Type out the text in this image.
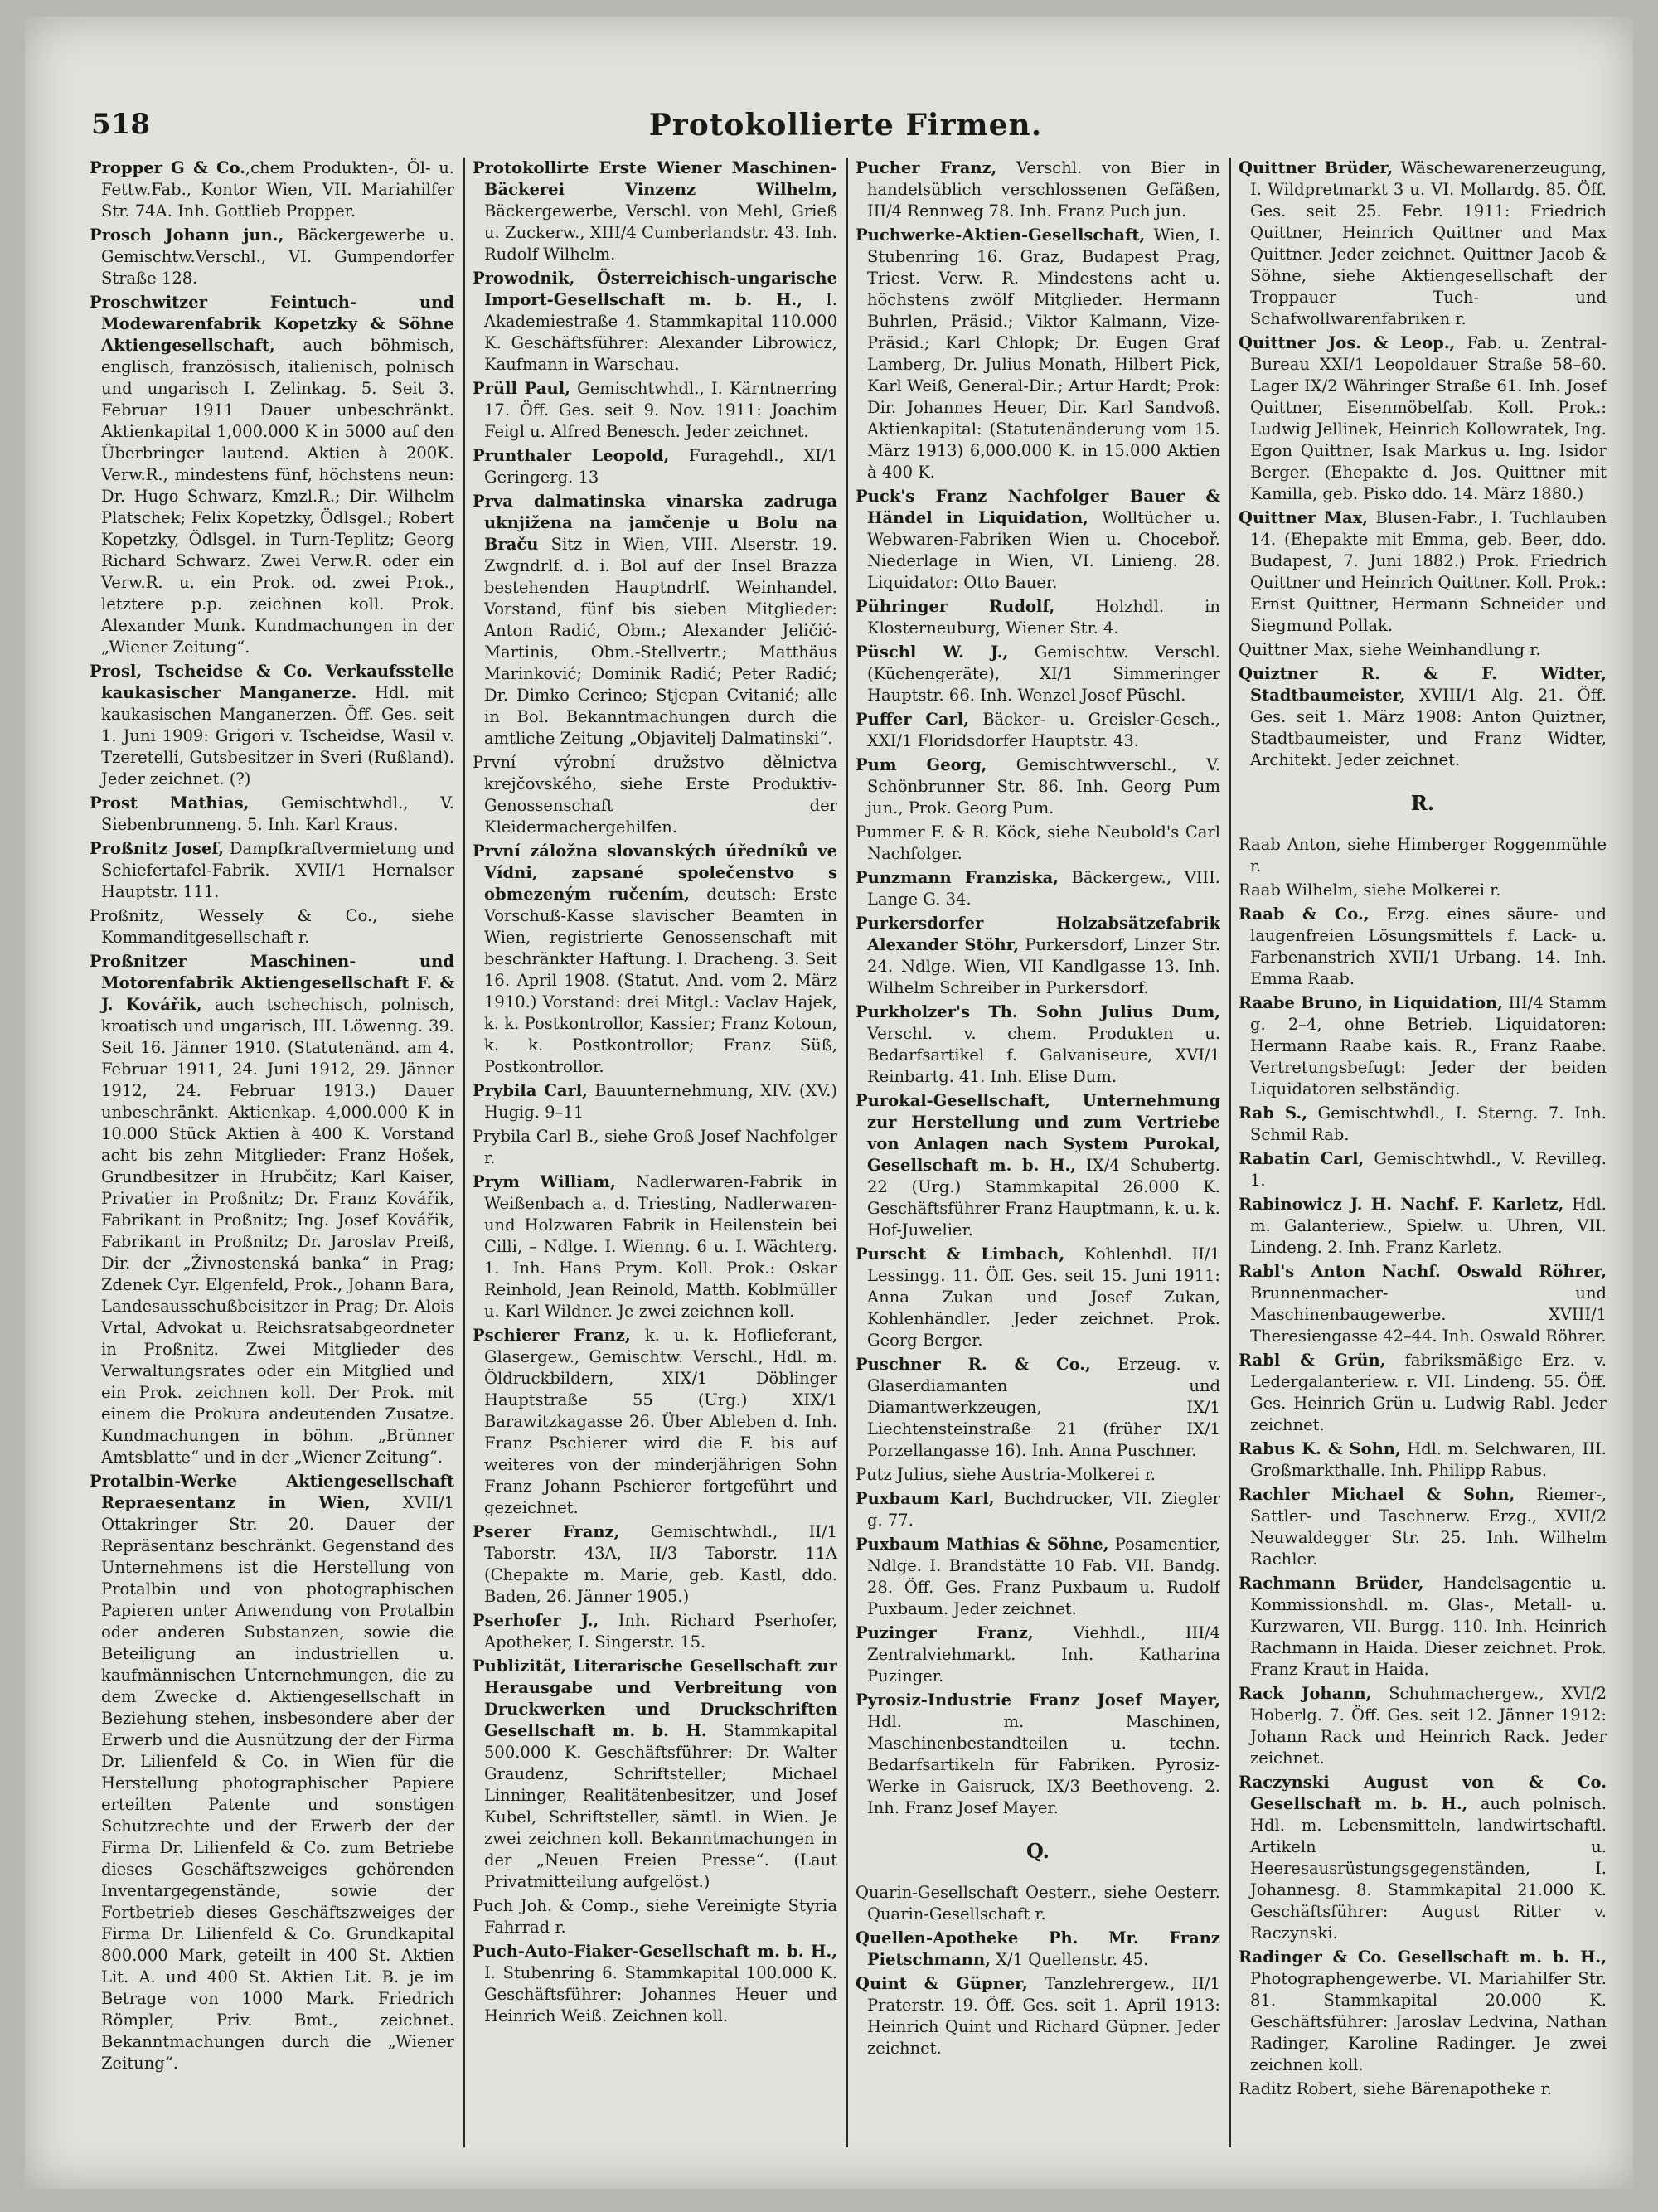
518	Protokollierte Firmen.
Propper G & Co.,chem Produkten-, Öl- u. Fettw.Fab., Kontor Wien, VII. Mariahilfer Str. 74A. Inh. Gottlieb Propper.
Prosch Johann jun., Bäckergewerbe u. Gemischtw.Verschl., VI. Gumpendorfer Straße 128.
Proschwitzer Feintuch- und Modewarenfabrik Kopetzky & Söhne Aktiengesellschaft, auch böhmisch, englisch, französisch, italienisch, polnisch und ungarisch I. Zelinkag. 5. Seit 3. Februar 1911 Dauer unbeschränkt. Aktienkapital 1,000.000 K in 5000 auf den Überbringer lautend. Aktien à 200K. Verw.R., mindestens fünf, höchstens neun: Dr. Hugo Schwarz, Kmzl.R.; Dir. Wilhelm Platschek; Felix Kopetzky, Ödlsgel.; Robert Kopetzky, Ödlsgel. in Turn-Teplitz; Georg Richard Schwarz. Zwei Verw.R. oder ein Verw.R. u. ein Prok. od. zwei Prok., letztere p.p. zeichnen koll. Prok. Alexander Munk. Kundmachungen in der „Wiener Zeitung“.
Prosl, Tscheidse & Co. Verkaufsstelle kaukasischer Manganerze. Hdl. mit kaukasischen Manganerzen. Öff. Ges. seit 1. Juni 1909: Grigori v. Tscheidse, Wasil v. Tzeretelli, Gutsbesitzer in Sveri (Rußland). Jeder zeichnet. (?)
Prost Mathias, Gemischtwhdl., V. Siebenbrunneng. 5. Inh. Karl Kraus.
Proßnitz Josef, Dampfkraftvermietung und Schiefertafel-Fabrik. XVII/1 Hernalser Hauptstr. 111.
Proßnitz, Wessely & Co., siehe Kommanditgesellschaft r.
Proßnitzer Maschinen- und Motorenfabrik Aktiengesellschaft F. & J. Kovářik, auch tschechisch, polnisch, kroatisch und ungarisch, III. Löwenng. 39. Seit 16. Jänner 1910. (Statutenänd. am 4. Februar 1911, 24. Juni 1912, 29. Jänner 1912, 24. Februar 1913.) Dauer unbeschränkt. Aktienkap. 4,000.000 K in 10.000 Stück Aktien à 400 K. Vorstand acht bis zehn Mitglieder: Franz Hošek, Grundbesitzer in Hrubčitz; Karl Kaiser, Privatier in Proßnitz; Dr. Franz Kovářik, Fabrikant in Proßnitz; Ing. Josef Kovářik, Fabrikant in Proßnitz; Dr. Jaroslav Preiß, Dir. der „Živnostenská banka“ in Prag; Zdenek Cyr. Elgenfeld, Prok., Johann Bara, Landesausschußbeisitzer in Prag; Dr. Alois Vrtal, Advokat u. Reichsratsabgeordneter in Proßnitz. Zwei Mitglieder des Verwaltungsrates oder ein Mitglied und ein Prok. zeichnen koll. Der Prok. mit einem die Prokura andeutenden Zusatze. Kundmachungen in böhm. „Brünner Amtsblatte“ und in der „Wiener Zeitung“.
Protalbin-Werke Aktiengesellschaft Repraesentanz in Wien, XVII/1 Ottakringer Str. 20. Dauer der Repräsentanz beschränkt. Gegenstand des Unternehmens ist die Herstellung von Protalbin und von photographischen Papieren unter Anwendung von Protalbin oder anderen Substanzen, sowie die Beteiligung an industriellen u. kaufmännischen Unternehmungen, die zu dem Zwecke d. Aktiengesellschaft in Beziehung stehen, insbesondere aber der Erwerb und die Ausnützung der der Firma Dr. Lilienfeld & Co. in Wien für die Herstellung photographischer Papiere erteilten Patente und sonstigen Schutzrechte und der Erwerb der der Firma Dr. Lilienfeld & Co. zum Betriebe dieses Geschäftszweiges gehörenden Inventargegenstände, sowie der Fortbetrieb dieses Geschäftszweiges der Firma Dr. Lilienfeld & Co. Grundkapital 800.000 Mark, geteilt in 400 St. Aktien Lit. A. und 400 St. Aktien Lit. B. je im Betrage von 1000 Mark. Friedrich Römpler, Priv. Bmt., zeichnet. Bekanntmachungen durch die „Wiener Zeitung“.
Protokollirte Erste Wiener Maschinen-Bäckerei Vinzenz Wilhelm, Bäckergewerbe, Verschl. von Mehl, Grieß u. Zuckerw., XIII/4 Cumberlandstr. 43. Inh. Rudolf Wilhelm.
Prowodnik, Österreichisch-ungarische Import-Gesellschaft m. b. H., I. Akademiestraße 4. Stammkapital 110.000 K. Geschäftsführer: Alexander Librowicz, Kaufmann in Warschau.
Prüll Paul, Gemischtwhdl., I. Kärntnerring 17. Öff. Ges. seit 9. Nov. 1911: Joachim Feigl u. Alfred Benesch. Jeder zeichnet.
Prunthaler Leopold, Furagehdl., XI/1 Geringerg. 13
Prva dalmatinska vinarska zadruga uknjižena na jamčenje u Bolu na Braču Sitz in Wien, VIII. Alserstr. 19. Zwgndrlf. d. i. Bol auf der Insel Brazza bestehenden Hauptndrlf. Weinhandel. Vorstand, fünf bis sieben Mitglieder: Anton Radić, Obm.; Alexander Jeličić-Martinis, Obm.-Stellvertr.; Matthäus Marinković; Dominik Radić; Peter Radić; Dr. Dimko Cerineo; Stjepan Cvitanić; alle in Bol. Bekanntmachungen durch die amtliche Zeitung „Objavitelj Dalmatinski“.
První výrobní družstvo dělnictva krejčovského, siehe Erste Produktiv-Genossenschaft der Kleidermachergehilfen.
První záložna slovanských úředníků ve Vídni, zapsané společenstvo s obmezeným ručením, deutsch: Erste Vorschuß-Kasse slavischer Beamten in Wien, registrierte Genossenschaft mit beschränkter Haftung. I. Dracheng. 3. Seit 16. April 1908. (Statut. And. vom 2. März 1910.) Vorstand: drei Mitgl.: Vaclav Hajek, k. k. Postkontrollor, Kassier; Franz Kotoun, k. k. Postkontrollor; Franz Süß, Postkontrollor.
Prybila Carl, Bauunternehmung, XIV. (XV.) Hugig. 9–11
Prybila Carl B., siehe Groß Josef Nachfolger r.
Prym William, Nadlerwaren-Fabrik in Weißenbach a. d. Triesting, Nadlerwaren- und Holzwaren Fabrik in Heilenstein bei Cilli, – Ndlge. I. Wienng. 6 u. I. Wächterg. 1. Inh. Hans Prym. Koll. Prok.: Oskar Reinhold, Jean Reinold, Matth. Koblmüller u. Karl Wildner. Je zwei zeichnen koll.
Pschierer Franz, k. u. k. Hoflieferant, Glasergew., Gemischtw. Verschl., Hdl. m. Öldruckbildern, XIX/1 Döblinger Hauptstraße 55 (Urg.) XIX/1 Barawitzkagasse 26. Über Ableben d. Inh. Franz Pschierer wird die F. bis auf weiteres von der minderjährigen Sohn Franz Johann Pschierer fortgeführt und gezeichnet.
Pserer Franz, Gemischtwhdl., II/1 Taborstr. 43A, II/3 Taborstr. 11A (Chepakte m. Marie, geb. Kastl, ddo. Baden, 26. Jänner 1905.)
Pserhofer J., Inh. Richard Pserhofer, Apotheker, I. Singerstr. 15.
Publizität, Literarische Gesellschaft zur Herausgabe und Verbreitung von Druckwerken und Druckschriften Gesellschaft m. b. H. Stammkapital 500.000 K. Geschäftsführer: Dr. Walter Graudenz, Schriftsteller; Michael Linninger, Realitätenbesitzer, und Josef Kubel, Schriftsteller, sämtl. in Wien. Je zwei zeichnen koll. Bekanntmachungen in der „Neuen Freien Presse“. (Laut Privatmitteilung aufgelöst.)
Puch Joh. & Comp., siehe Vereinigte Styria Fahrrad r.
Puch-Auto-Fiaker-Gesellschaft m. b. H., I. Stubenring 6. Stammkapital 100.000 K. Geschäftsführer: Johannes Heuer und Heinrich Weiß. Zeichnen koll.
Pucher Franz, Verschl. von Bier in handelsüblich verschlossenen Gefäßen, III/4 Rennweg 78. Inh. Franz Puch jun.
Puchwerke-Aktien-Gesellschaft, Wien, I. Stubenring 16. Graz, Budapest Prag, Triest. Verw. R. Mindestens acht u. höchstens zwölf Mitglieder. Hermann Buhrlen, Präsid.; Viktor Kalmann, Vize-Präsid.; Karl Chlopk; Dr. Eugen Graf Lamberg, Dr. Julius Monath, Hilbert Pick, Karl Weiß, General-Dir.; Artur Hardt; Prok: Dir. Johannes Heuer, Dir. Karl Sandvoß. Aktienkapital: (Statutenänderung vom 15. März 1913) 6,000.000 K. in 15.000 Aktien à 400 K.
Puck's Franz Nachfolger Bauer & Händel in Liquidation, Wolltücher u. Webwaren-Fabriken Wien u. Choceboř. Niederlage in Wien, VI. Linieng. 28. Liquidator: Otto Bauer.
Pühringer Rudolf, Holzhdl. in Klosterneuburg, Wiener Str. 4.
Püschl W. J., Gemischtw. Verschl. (Küchengeräte), XI/1 Simmeringer Hauptstr. 66. Inh. Wenzel Josef Püschl.
Puffer Carl, Bäcker- u. Greisler-Gesch., XXI/1 Floridsdorfer Hauptstr. 43.
Pum Georg, Gemischtwverschl., V. Schönbrunner Str. 86. Inh. Georg Pum jun., Prok. Georg Pum.
Pummer F. & R. Köck, siehe Neubold's Carl Nachfolger.
Punzmann Franziska, Bäckergew., VIII. Lange G. 34.
Purkersdorfer Holzabsätzefabrik Alexander Stöhr, Purkersdorf, Linzer Str. 24. Ndlge. Wien, VII Kandlgasse 13. Inh. Wilhelm Schreiber in Purkersdorf.
Purkholzer's Th. Sohn Julius Dum, Verschl. v. chem. Produkten u. Bedarfsartikel f. Galvaniseure, XVI/1 Reinbartg. 41. Inh. Elise Dum.
Purokal-Gesellschaft, Unternehmung zur Herstellung und zum Vertriebe von Anlagen nach System Purokal, Gesellschaft m. b. H., IX/4 Schubertg. 22 (Urg.) Stammkapital 26.000 K. Geschäftsführer Franz Hauptmann, k. u. k. Hof-Juwelier.
Purscht & Limbach, Kohlenhdl. II/1 Lessingg. 11. Öff. Ges. seit 15. Juni 1911: Anna Zukan und Josef Zukan, Kohlenhändler. Jeder zeichnet. Prok. Georg Berger.
Puschner R. & Co., Erzeug. v. Glaserdiamanten und Diamantwerkzeugen, IX/1 Liechtensteinstraße 21 (früher IX/1 Porzellangasse 16). Inh. Anna Puschner.
Putz Julius, siehe Austria-Molkerei r.
Puxbaum Karl, Buchdrucker, VII. Ziegler g. 77.
Puxbaum Mathias & Söhne, Posamentier, Ndlge. I. Brandstätte 10 Fab. VII. Bandg. 28. Öff. Ges. Franz Puxbaum u. Rudolf Puxbaum. Jeder zeichnet.
Puzinger Franz, Viehhdl., III/4 Zentralviehmarkt. Inh. Katharina Puzinger.
Pyrosiz-Industrie Franz Josef Mayer, Hdl. m. Maschinen, Maschinenbestandteilen u. techn. Bedarfsartikeln für Fabriken. Pyrosiz-Werke in Gaisruck, IX/3 Beethoveng. 2. Inh. Franz Josef Mayer.
Q.
Quarin-Gesellschaft Oesterr., siehe Oesterr. Quarin-Gesellschaft r.
Quellen-Apotheke Ph. Mr. Franz Pietschmann, X/1 Quellenstr. 45.
Quint & Güpner, Tanzlehrergew., II/1 Praterstr. 19. Öff. Ges. seit 1. April 1913: Heinrich Quint und Richard Güpner. Jeder zeichnet.
Quittner Brüder, Wäschewarenerzeugung, I. Wildpretmarkt 3 u. VI. Mollardg. 85. Öff. Ges. seit 25. Febr. 1911: Friedrich Quittner, Heinrich Quittner und Max Quittner. Jeder zeichnet. Quittner Jacob & Söhne, siehe Aktiengesellschaft der Troppauer Tuch- und Schafwollwarenfabriken r.
Quittner Jos. & Leop., Fab. u. Zentral-Bureau XXI/1 Leopoldauer Straße 58–60. Lager IX/2 Währinger Straße 61. Inh. Josef Quittner, Eisenmöbelfab. Koll. Prok.: Ludwig Jellinek, Heinrich Kollowratek, Ing. Egon Quittner, Isak Markus u. Ing. Isidor Berger. (Ehepakte d. Jos. Quittner mit Kamilla, geb. Pisko ddo. 14. März 1880.)
Quittner Max, Blusen-Fabr., I. Tuchlauben 14. (Ehepakte mit Emma, geb. Beer, ddo. Budapest, 7. Juni 1882.) Prok. Friedrich Quittner und Heinrich Quittner. Koll. Prok.: Ernst Quittner, Hermann Schneider und Siegmund Pollak.
Quittner Max, siehe Weinhandlung r.
Quiztner R. & F. Widter, Stadtbaumeister, XVIII/1 Alg. 21. Öff. Ges. seit 1. März 1908: Anton Quiztner, Stadtbaumeister, und Franz Widter, Architekt. Jeder zeichnet.
R.
Raab Anton, siehe Himberger Roggenmühle r.
Raab Wilhelm, siehe Molkerei r.
Raab & Co., Erzg. eines säure- und laugenfreien Lösungsmittels f. Lack- u. Farbenanstrich XVII/1 Urbang. 14. Inh. Emma Raab.
Raabe Bruno, in Liquidation, III/4 Stamm g. 2–4, ohne Betrieb. Liquidatoren: Hermann Raabe kais. R., Franz Raabe. Vertretungsbefugt: Jeder der beiden Liquidatoren selbständig.
Rab S., Gemischtwhdl., I. Sterng. 7. Inh. Schmil Rab.
Rabatin Carl, Gemischtwhdl., V. Revilleg. 1.
Rabinowicz J. H. Nachf. F. Karletz, Hdl. m. Galanteriew., Spielw. u. Uhren, VII. Lindeng. 2. Inh. Franz Karletz.
Rabl's Anton Nachf. Oswald Röhrer, Brunnenmacher- und Maschinenbaugewerbe. XVIII/1 Theresiengasse 42–44. Inh. Oswald Röhrer.
Rabl & Grün, fabriksmäßige Erz. v. Ledergalanteriew. r. VII. Lindeng. 55. Öff. Ges. Heinrich Grün u. Ludwig Rabl. Jeder zeichnet.
Rabus K. & Sohn, Hdl. m. Selchwaren, III. Großmarkthalle. Inh. Philipp Rabus.
Rachler Michael & Sohn, Riemer-, Sattler- und Taschnerw. Erzg., XVII/2 Neuwaldegger Str. 25. Inh. Wilhelm Rachler.
Rachmann Brüder, Handelsagentie u. Kommissionshdl. m. Glas-, Metall- u. Kurzwaren, VII. Burgg. 110. Inh. Heinrich Rachmann in Haida. Dieser zeichnet. Prok. Franz Kraut in Haida.
Rack Johann, Schuhmachergew., XVI/2 Hoberlg. 7. Öff. Ges. seit 12. Jänner 1912: Johann Rack und Heinrich Rack. Jeder zeichnet.
Raczynski August von & Co. Gesellschaft m. b. H., auch polnisch. Hdl. m. Lebensmitteln, landwirtschaftl. Artikeln u. Heeresausrüstungsgegenständen, I. Johannesg. 8. Stammkapital 21.000 K. Geschäftsführer: August Ritter v. Raczynski.
Radinger & Co. Gesellschaft m. b. H., Photographengewerbe. VI. Mariahilfer Str. 81. Stammkapital 20.000 K. Geschäftsführer: Jaroslav Ledvina, Nathan Radinger, Karoline Radinger. Je zwei zeichnen koll.
Raditz Robert, siehe Bärenapotheke r.
